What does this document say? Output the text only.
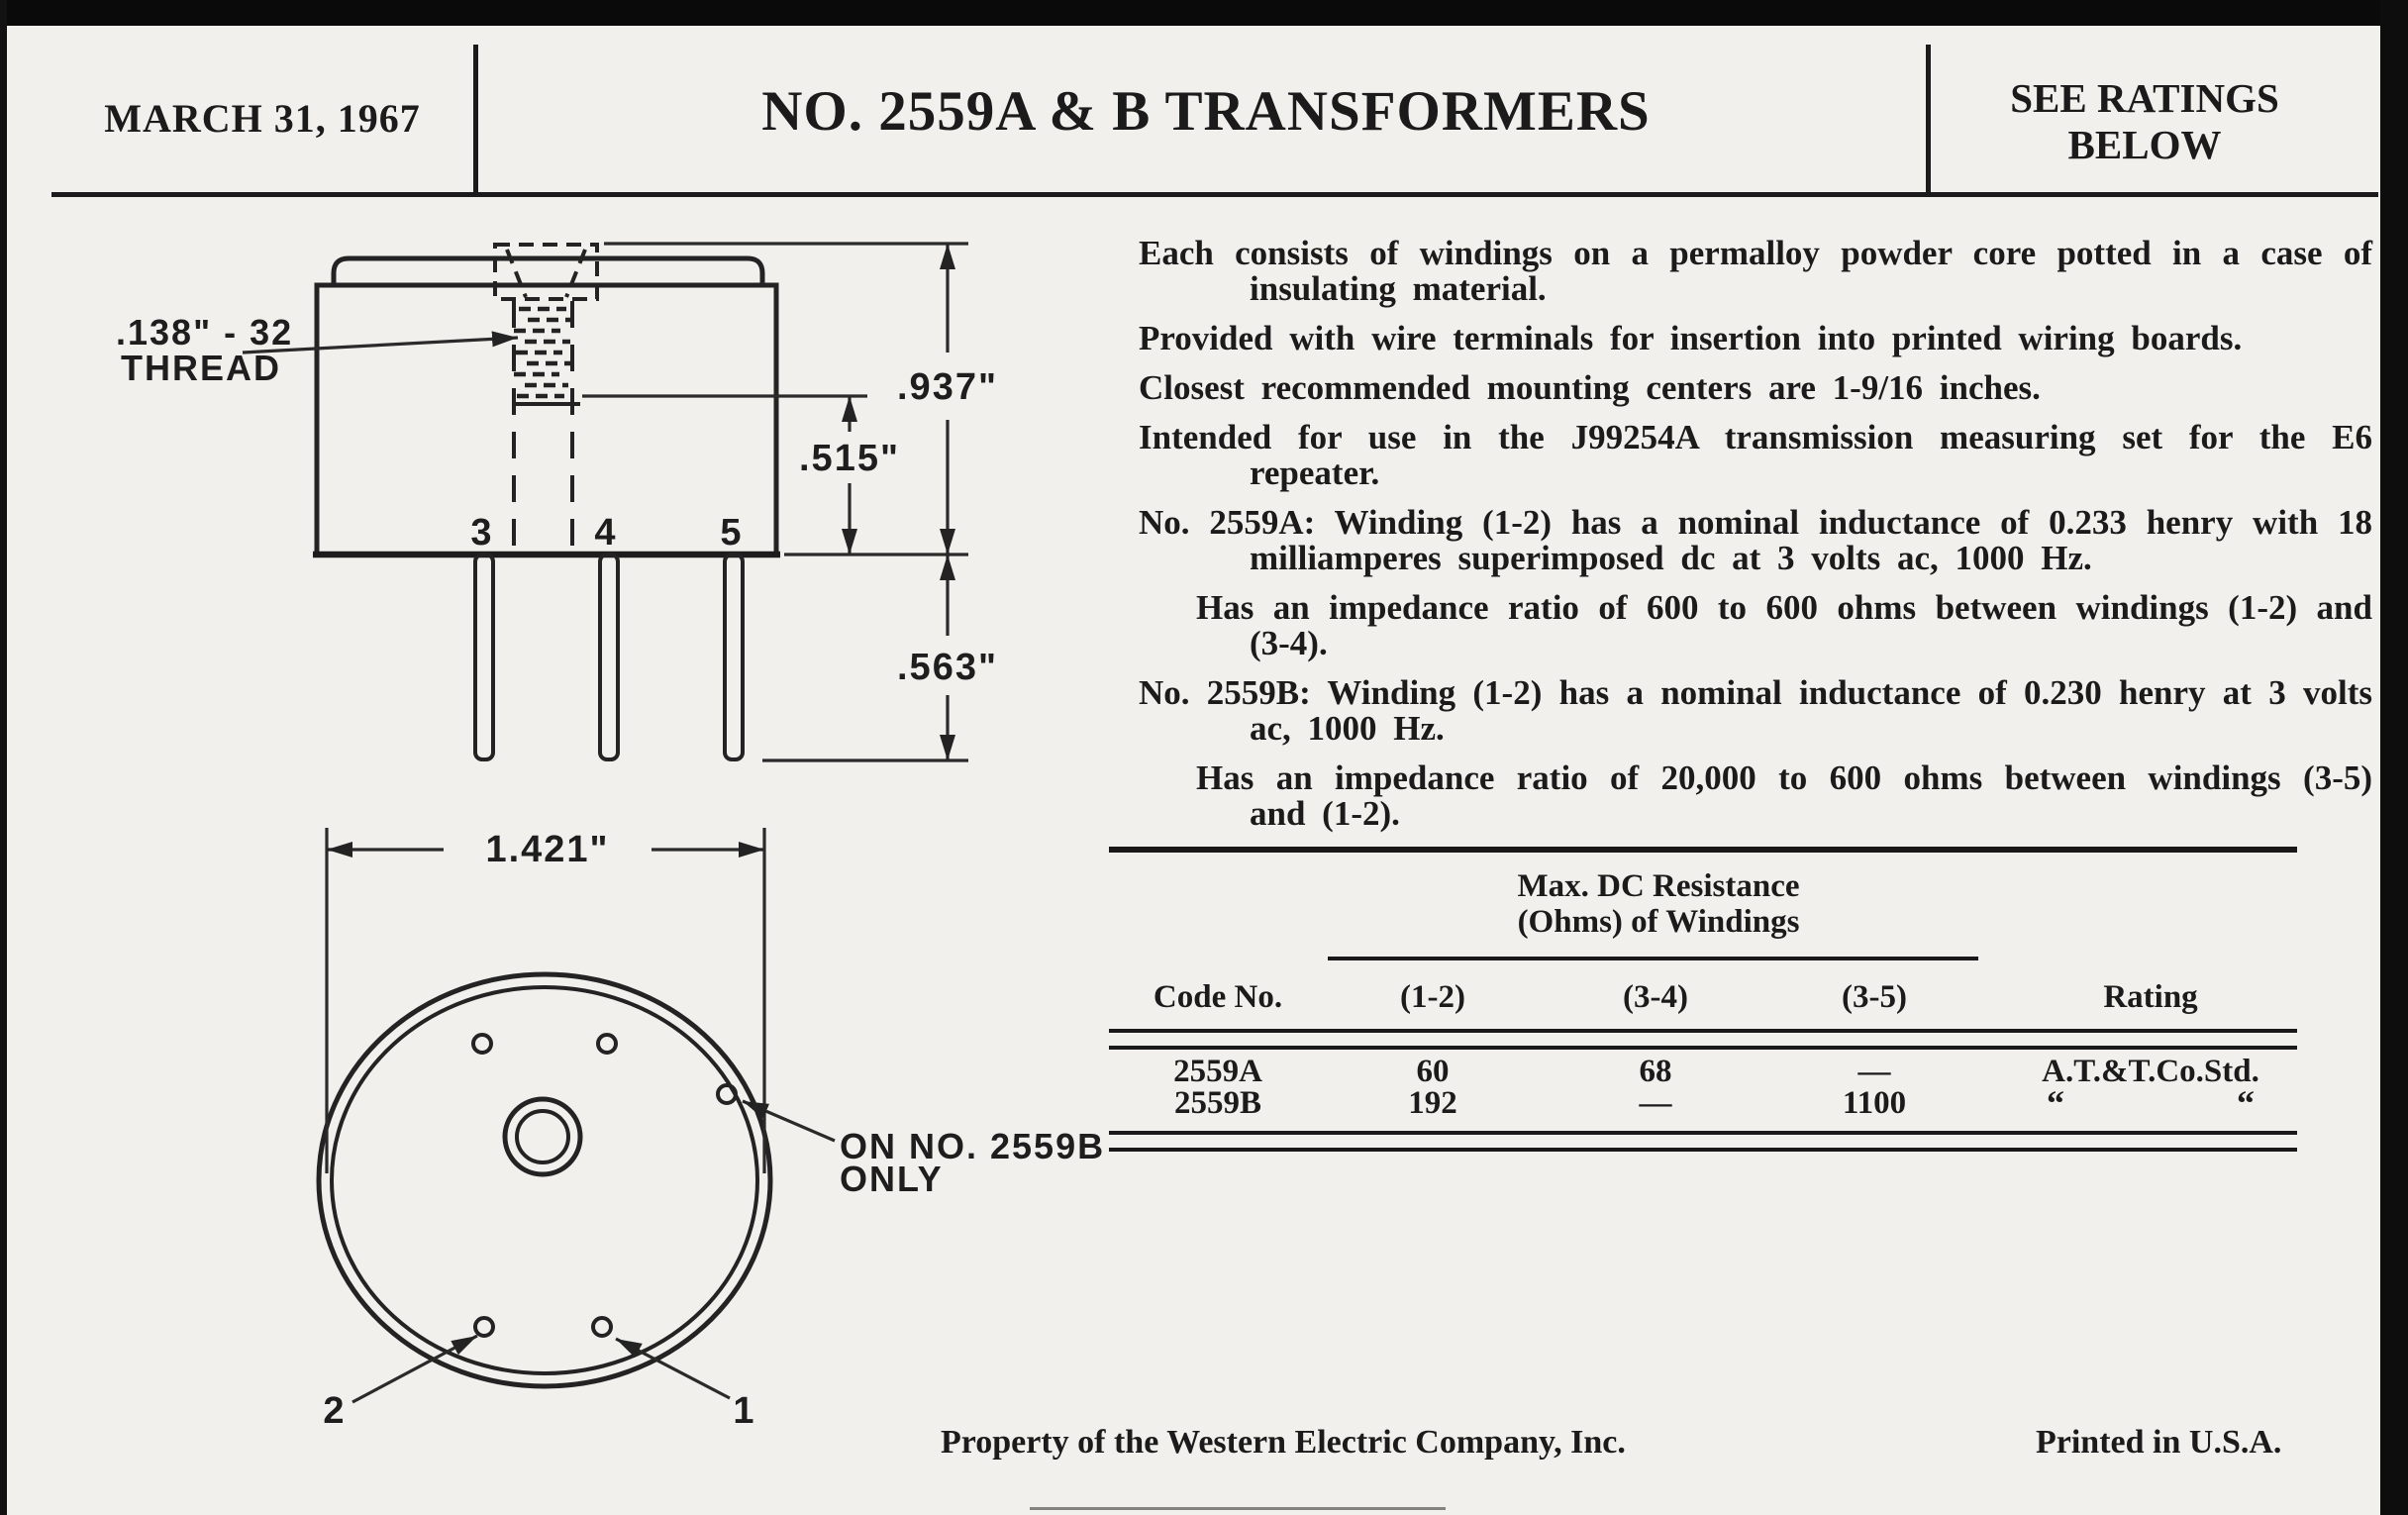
MARCH 31, 1967	NO. 2559A & B TRANSFORMERS	SEE RATINGS
BELOW
.937"
.515"
.563"
.138" - 32
THREAD
3	4	5
1.421"
ON NO. 2559B
ONLY
2	1

Each consists of windings on a permalloy powder core potted in a case of insulating material.

Provided with wire terminals for insertion into printed wiring boards.

Closest recommended mounting centers are 1-9/16 inches.

Intended for use in the J99254A transmission measuring set for the E6 repeater.

No. 2559A: Winding (1-2) has a nominal inductance of 0.233 henry with 18 milliamperes superimposed dc at 3 volts ac, 1000 Hz.

Has an impedance ratio of 600 to 600 ohms between windings (1-2) and (3-4).

No. 2559B: Winding (1-2) has a nominal inductance of 0.230 henry at 3 volts ac, 1000 Hz.

Has an impedance ratio of 20,000 to 600 ohms between windings (3-5) and (1-2).

Max. DC Resistance
(Ohms) of Windings
Code No.	(1-2)	(3-4)	(3-5)	Rating
2559A	60	68	—	A.T.&T.Co.Std.
2559B	192	—	1100	“	“
Property of the Western Electric Company, Inc.	Printed in U.S.A.
